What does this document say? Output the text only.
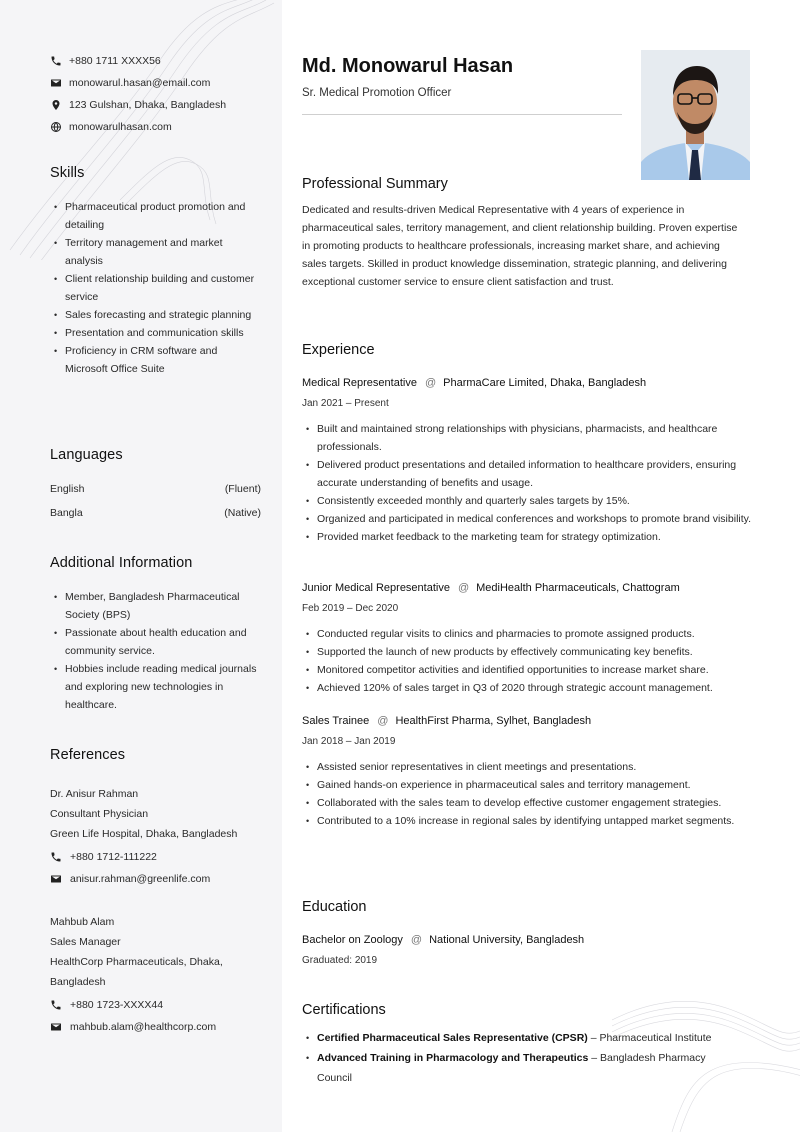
+880 1711 XXXX56
monowarul.hasan@email.com
123 Gulshan, Dhaka, Bangladesh
monowarulhasan.com
Skills
• Pharmaceutical product promotion and detailing
• Territory management and market analysis
• Client relationship building and customer service
• Sales forecasting and strategic planning
• Presentation and communication skills
• Proficiency in CRM software and Microsoft Office Suite
Languages
English	(Fluent)
Bangla	(Native)
Additional Information
• Member, Bangladesh Pharmaceutical Society (BPS)
• Passionate about health education and community service.
• Hobbies include reading medical journals and exploring new technologies in healthcare.
References
Dr. Anisur Rahman
Consultant Physician
Green Life Hospital, Dhaka, Bangladesh
+880 1712-111222
anisur.rahman@greenlife.com
Mahbub Alam
Sales Manager
HealthCorp Pharmaceuticals, Dhaka, Bangladesh
+880 1723-XXXX44
mahbub.alam@healthcorp.com
Md. Monowarul Hasan
Sr. Medical Promotion Officer
Professional Summary
Dedicated and results-driven Medical Representative with 4 years of experience in pharmaceutical sales, territory management, and client relationship building. Proven expertise in promoting products to healthcare professionals, increasing market share, and achieving sales targets. Skilled in product knowledge dissemination, strategic planning, and delivering exceptional customer service to ensure client satisfaction and trust.
Experience
Medical Representative @ PharmaCare Limited, Dhaka, Bangladesh
Jan 2021 – Present
• Built and maintained strong relationships with physicians, pharmacists, and healthcare professionals.
• Delivered product presentations and detailed information to healthcare providers, ensuring accurate understanding of benefits and usage.
• Consistently exceeded monthly and quarterly sales targets by 15%.
• Organized and participated in medical conferences and workshops to promote brand visibility.
• Provided market feedback to the marketing team for strategy optimization.
Junior Medical Representative @ MediHealth Pharmaceuticals, Chattogram
Feb 2019 – Dec 2020
• Conducted regular visits to clinics and pharmacies to promote assigned products.
• Supported the launch of new products by effectively communicating key benefits.
• Monitored competitor activities and identified opportunities to increase market share.
• Achieved 120% of sales target in Q3 of 2020 through strategic account management.
Sales Trainee @ HealthFirst Pharma, Sylhet, Bangladesh
Jan 2018 – Jan 2019
• Assisted senior representatives in client meetings and presentations.
• Gained hands-on experience in pharmaceutical sales and territory management.
• Collaborated with the sales team to develop effective customer engagement strategies.
• Contributed to a 10% increase in regional sales by identifying untapped market segments.
Education
Bachelor on Zoology @ National University, Bangladesh
Graduated: 2019
Certifications
• Certified Pharmaceutical Sales Representative (CPSR) – Pharmaceutical Institute
• Advanced Training in Pharmacology and Therapeutics – Bangladesh Pharmacy Council
